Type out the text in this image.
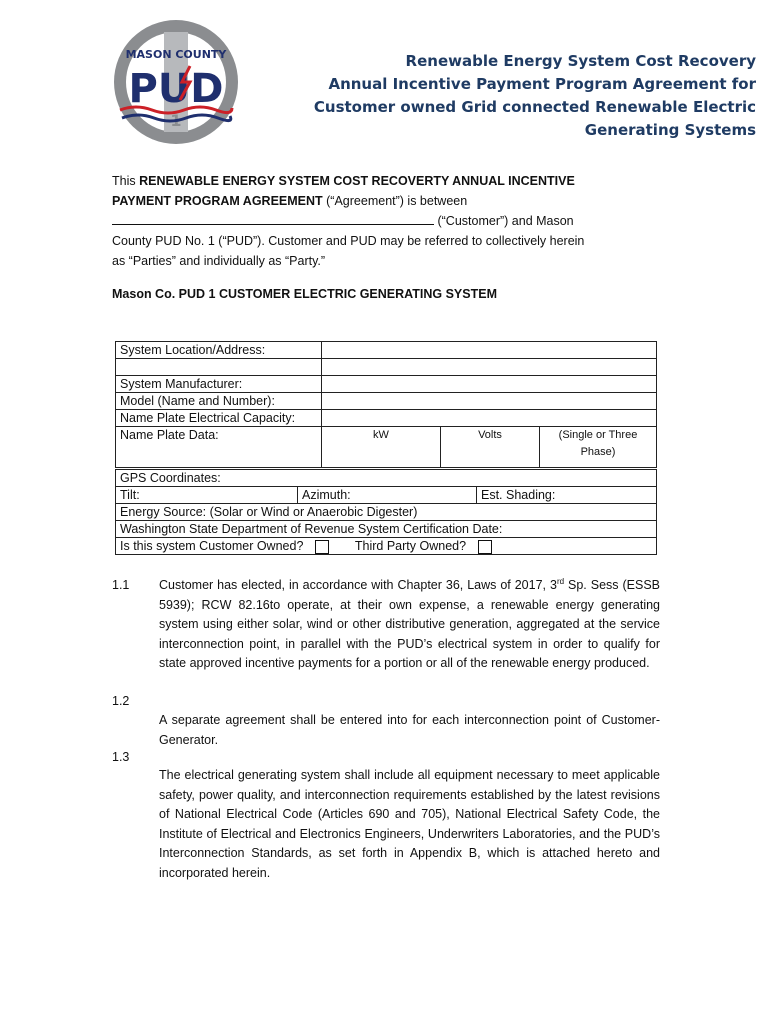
1
MASON COUNTY
PUD
Renewable Energy System Cost Recovery
Annual Incentive Payment Program Agreement for
Customer owned Grid connected Renewable Electric
Generating Systems
This RENEWABLE ENERGY SYSTEM COST RECOVERTY ANNUAL INCENTIVE
PAYMENT PROGRAM AGREEMENT (“Agreement”) is between
(“Customer”) and Mason
County PUD No. 1 (“PUD”). Customer and PUD may be referred to collectively herein
as “Parties” and individually as “Party.”
Mason Co. PUD 1 CUSTOMER ELECTRIC GENERATING SYSTEM
System Location/Address:			

System Manufacturer:			
Model (Name and Number):			
Name Plate Electrical Capacity:			
Name Plate Data:	kW	Volts	(Single or Three
Phase)
GPS Coordinates:
Tilt:	Azimuth:	Est. Shading:
Energy Source: (Solar or Wind or Anaerobic Digester)
Washington State Department of Revenue System Certification Date:
Is this system Customer Owned?	Third Party Owned?
1.1 Customer has elected, in accordance with Chapter 36, Laws of 2017, 3rd Sp. Sess (ESSB 5939); RCW 82.16to operate, at their own expense, a renewable energy generating system using either solar, wind or other distributive generation, aggregated at the service interconnection point, in parallel with the PUD’s electrical system in order to qualify for state approved incentive payments for a portion or all of the renewable energy produced.
1.2
A separate agreement shall be entered into for each interconnection point of Customer-Generator.
1.3
The electrical generating system shall include all equipment necessary to meet applicable safety, power quality, and interconnection requirements established by the latest revisions of National Electrical Code (Articles 690 and 705), National Electrical Safety Code, the Institute of Electrical and Electronics Engineers, Underwriters Laboratories, and the PUD’s Interconnection Standards, as set forth in Appendix B, which is attached hereto and incorporated herein.
